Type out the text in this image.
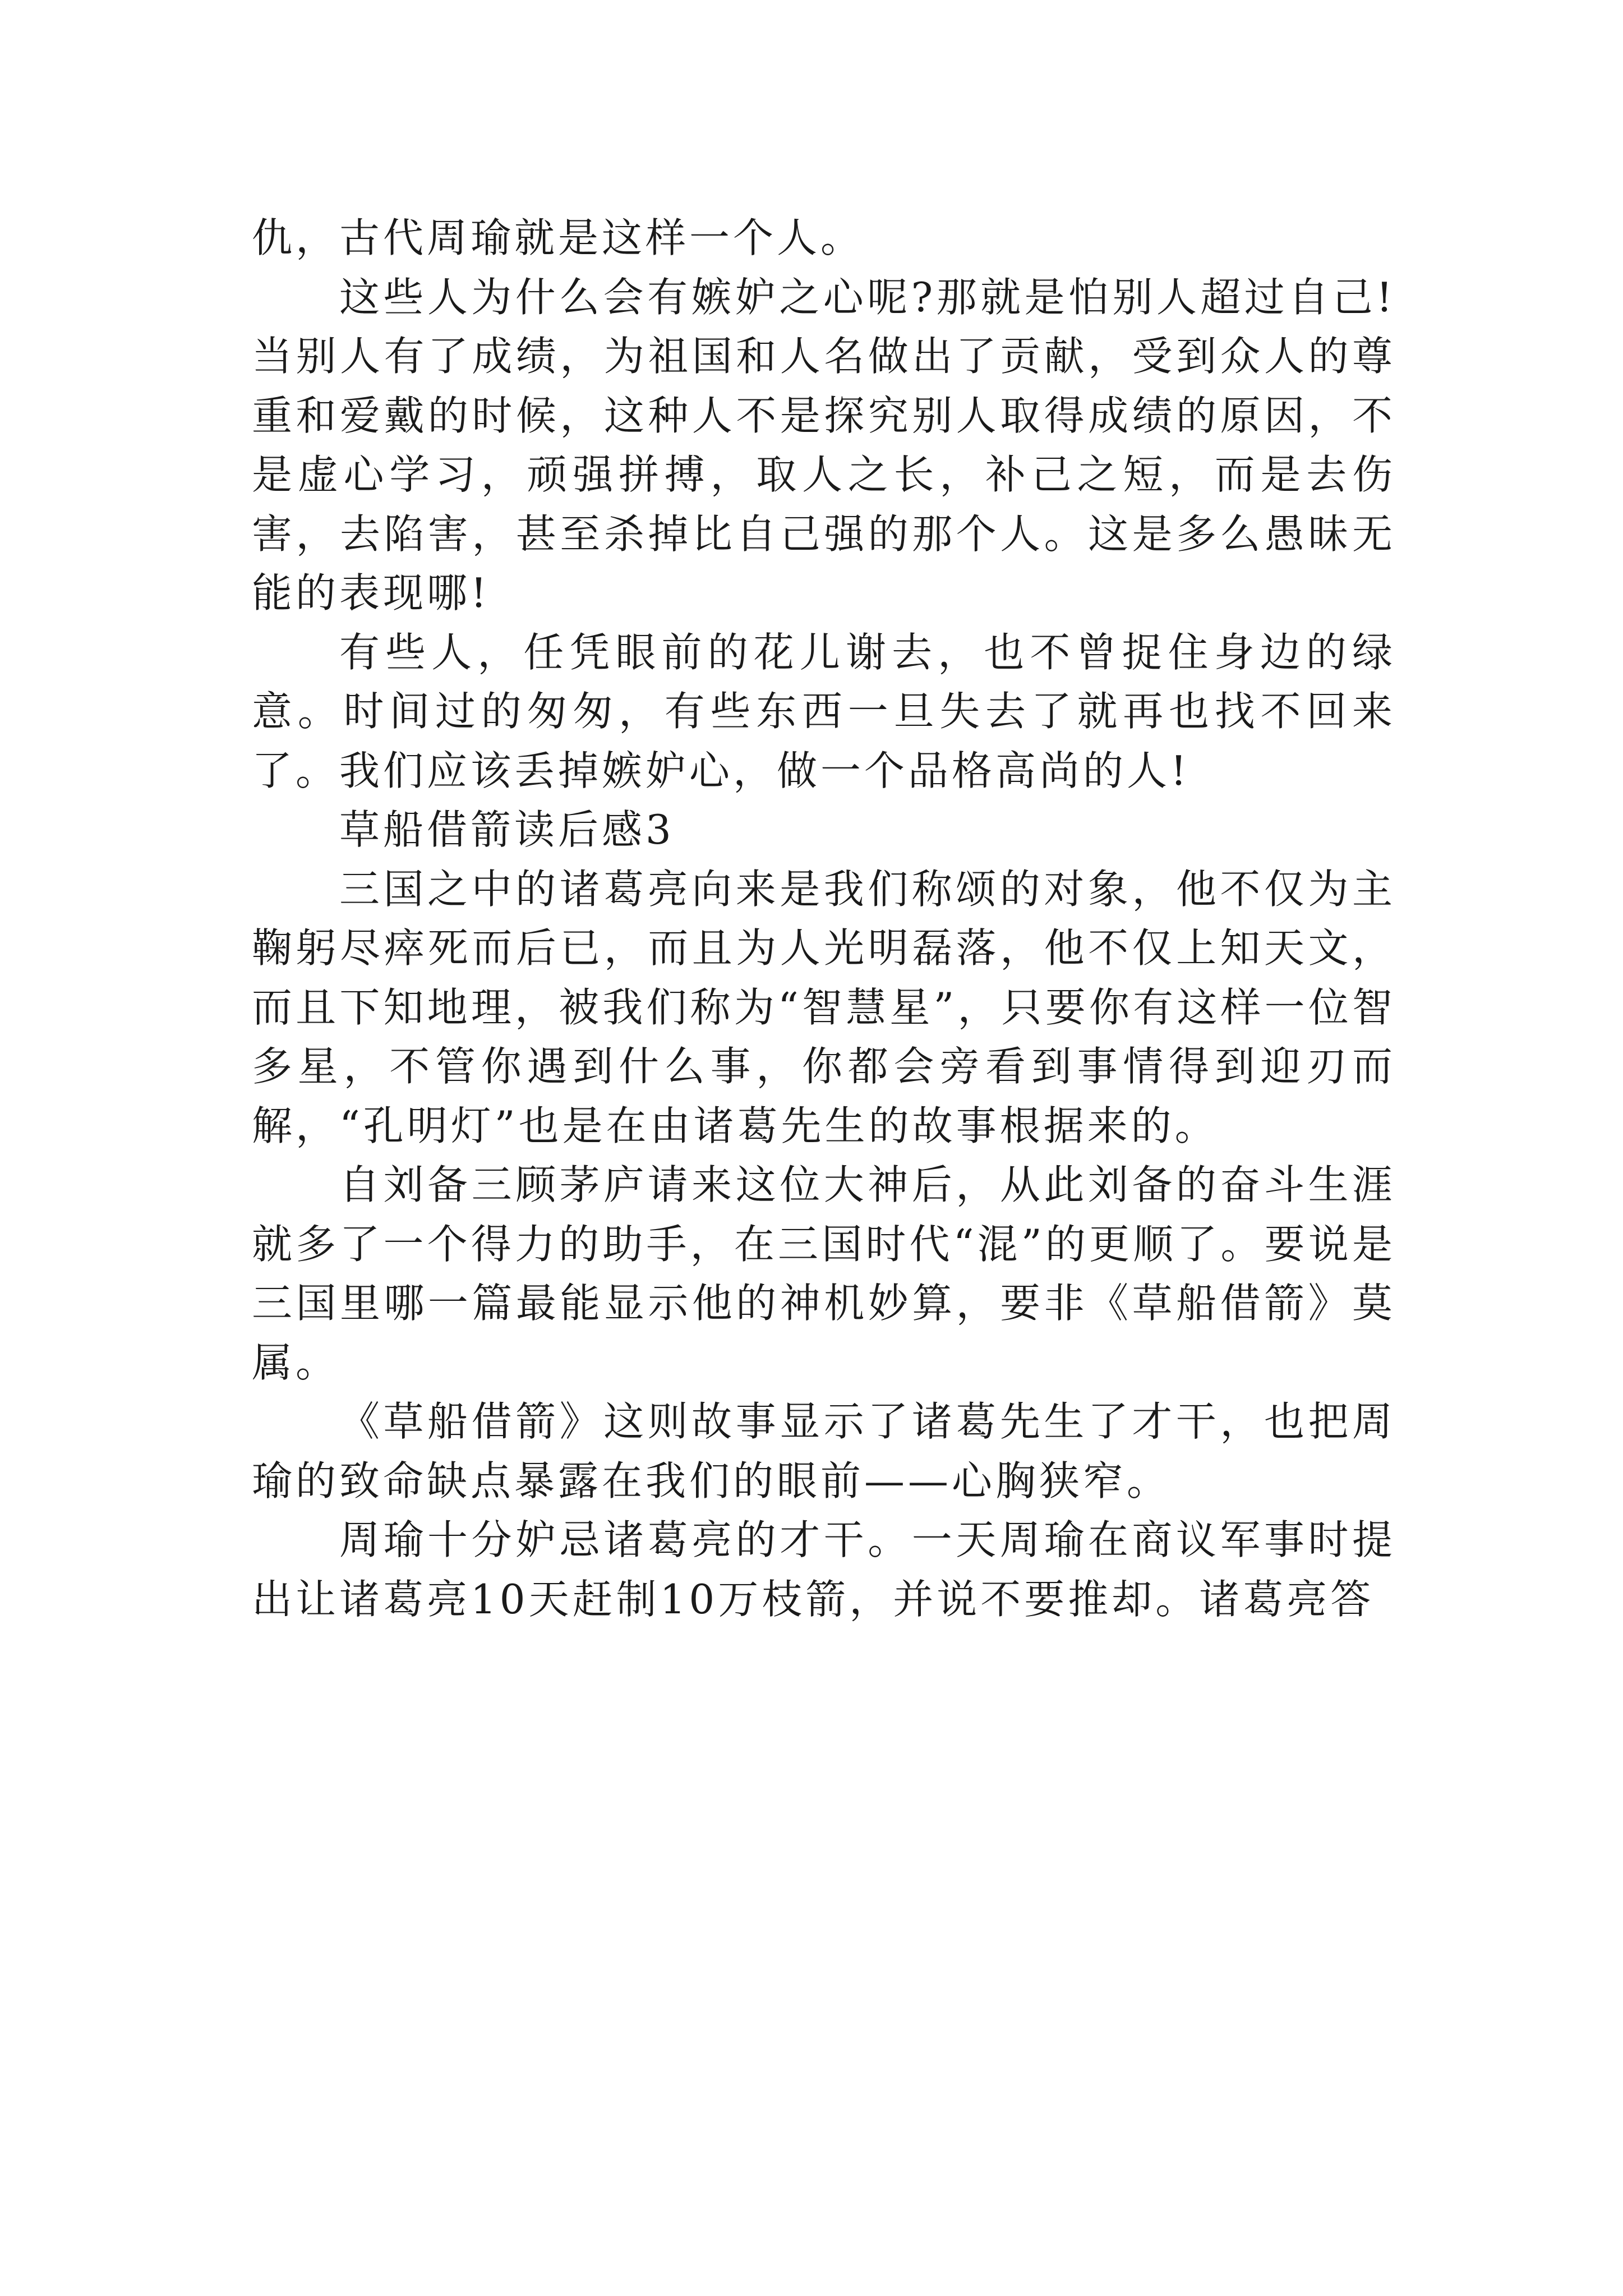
仇，古代周瑜就是这样一个人。

这些人为什么会有嫉妒之心呢?那就是怕别人超过自己!当别人有了成绩，为祖国和人名做出了贡献，受到众人的尊重和爱戴的时候，这种人不是探究别人取得成绩的原因，不是虚心学习，顽强拼搏，取人之长，补己之短，而是去伤害，去陷害，甚至杀掉比自己强的那个人。这是多么愚昧无能的表现哪!

有些人，任凭眼前的花儿谢去，也不曾捉住身边的绿意。时间过的匆匆，有些东西一旦失去了就再也找不回来了。我们应该丢掉嫉妒心，做一个品格高尚的人!

草船借箭读后感3

三国之中的诸葛亮向来是我们称颂的对象，他不仅为主鞠躬尽瘁死而后已，而且为人光明磊落，他不仅上知天文，而且下知地理，被我们称为“智慧星”，只要你有这样一位智多星，不管你遇到什么事，你都会旁看到事情得到迎刃而解，“孔明灯”也是在由诸葛先生的故事根据来的。

自刘备三顾茅庐请来这位大神后，从此刘备的奋斗生涯就多了一个得力的助手，在三国时代“混”的更顺了。要说是三国里哪一篇最能显示他的神机妙算，要非《草船借箭》莫属。

《草船借箭》这则故事显示了诸葛先生了才干，也把周瑜的致命缺点暴露在我们的眼前——心胸狭窄。

周瑜十分妒忌诸葛亮的才干。一天周瑜在商议军事时提出让诸葛亮10天赶制10万枝箭，并说不要推却。诸葛亮答
